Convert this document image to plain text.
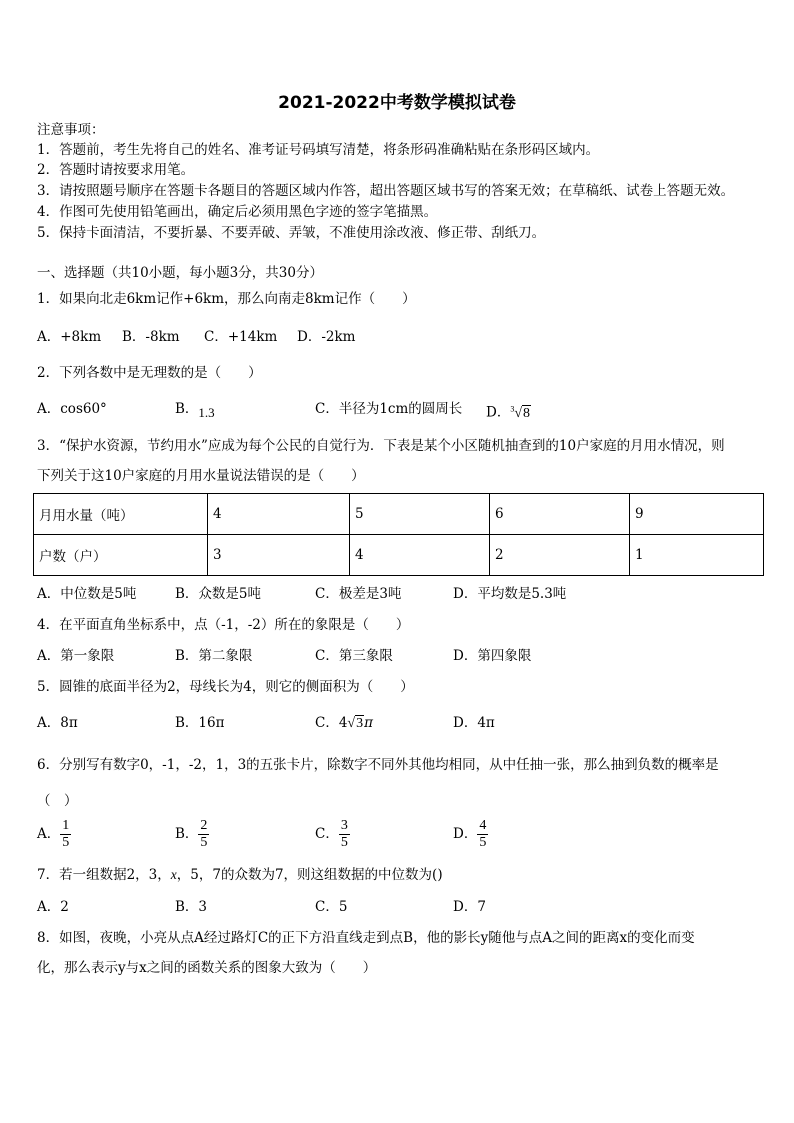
2021-2022中考数学模拟试卷
注意事项：
1．答题前，考生先将自己的姓名、准考证号码填写清楚，将条形码准确粘贴在条形码区域内。
2．答题时请按要求用笔。
3．请按照题号顺序在答题卡各题目的答题区域内作答，超出答题区域书写的答案无效；在草稿纸、试卷上答题无效。
4．作图可先使用铅笔画出，确定后必须用黑色字迹的签字笔描黑。
5．保持卡面清洁，不要折暴、不要弄破、弄皱，不准使用涂改液、修正带、刮纸刀。
一、选择题（共10小题，每小题3分，共30分）
1．如果向北走6km记作+6km，那么向南走8km记作（　　）
A．+8km B．-8km C．+14km D．-2km
2．下列各数中是无理数的是（　　）
A．cos60°	B．1.3	C．半径为1cm的圆周长 D．$^3$√8
3．“保护水资源，节约用水”应成为每个公民的自觉行为．下表是某个小区随机抽查到的10户家庭的月用水情况，则
下列关于这10户家庭的月用水量说法错误的是（　　）
月用水量（吨）	4	5	6	9
户数（户）	3	4	2	1
A．中位数是5吨	B．众数是5吨	C．极差是3吨	D．平均数是5.3吨
4．在平面直角坐标系中，点（-1，-2）所在的象限是（　　）
A．第一象限	B．第二象限	C．第三象限	D．第四象限
5．圆锥的底面半径为2，母线长为4，则它的侧面积为（　　）
A．8π	B．16π	C．4√3π	D．4π
6．分别写有数字0，-1，-2，1，3的五张卡片，除数字不同外其他均相同，从中任抽一张，那么抽到负数的概率是
（　）
A． $\frac{1}{5}$	B． $\frac{2}{5}$	C． $\frac{3}{5}$	D． $\frac{4}{5}$
7．若一组数据2，3，x，5，7的众数为7，则这组数据的中位数为()
A．2	B．3	C．5	D．7
8．如图，夜晚，小亮从点A经过路灯C的正下方沿直线走到点B，他的影长y随他与点A之间的距离x的变化而变
化，那么表示y与x之间的函数关系的图象大致为（　　）
